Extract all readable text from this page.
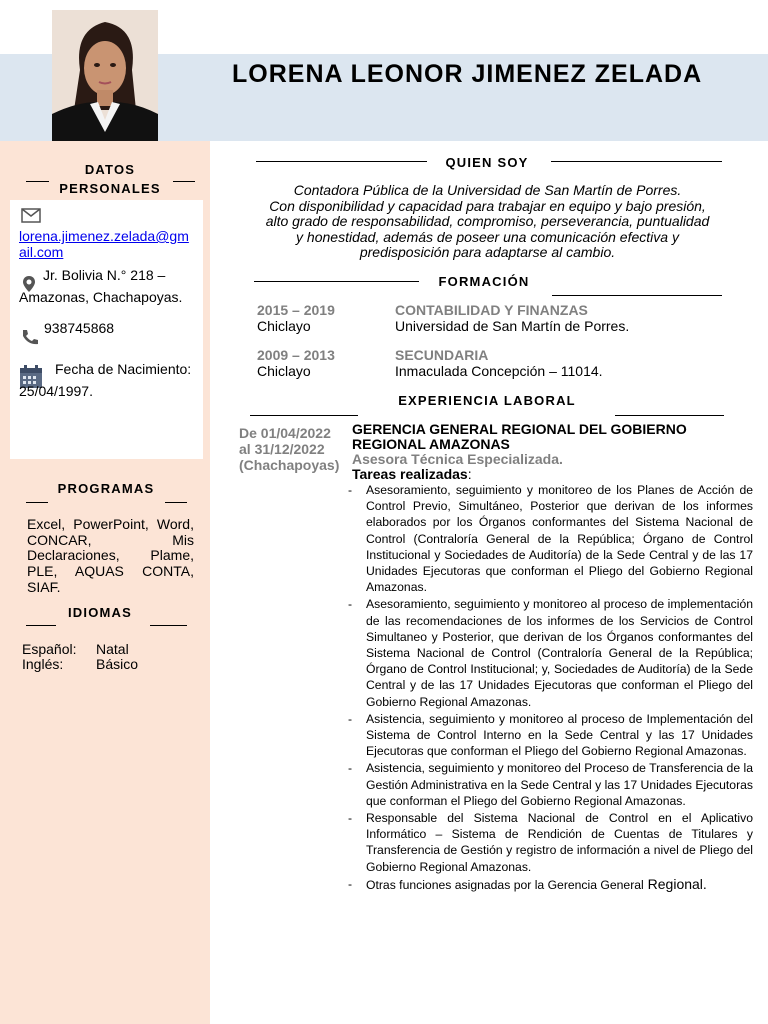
LORENA LEONOR JIMENEZ ZELADA
DATOS
PERSONALES
lorena.jimenez.zelada@gm
ail.com
Jr. Bolivia N.° 218 –
Amazonas, Chachapoyas.
938745868
Fecha de Nacimiento:
25/04/1997.
PROGRAMAS
Excel, PowerPoint, Word,
CONCAR, Mis
Declaraciones, Plame,
PLE, AQUAS CONTA,
SIAF.
IDIOMAS
Español: Natal
Inglés: Básico
QUIEN SOY
Contadora Pública de la Universidad de San Martín de Porres.
Con disponibilidad y capacidad para trabajar en equipo y bajo presión,
alto grado de responsabilidad, compromiso, perseverancia, puntualidad
y honestidad, además de poseer una comunicación efectiva y
predisposición para adaptarse al cambio.
FORMACIÓN
2015 – 2019
Chiclayo
CONTABILIDAD Y FINANZAS
Universidad de San Martín de Porres.
2009 – 2013
Chiclayo
SECUNDARIA
Inmaculada Concepción – 11014.
EXPERIENCIA LABORAL
De 01/04/2022
al 31/12/2022
(Chachapoyas)
GERENCIA GENERAL REGIONAL DEL GOBIERNO
REGIONAL AMAZONAS
Asesora Técnica Especializada.
Tareas realizadas:
- Asesoramiento, seguimiento y monitoreo de los Planes de Acción de Control Previo, Simultáneo, Posterior que derivan de los informes elaborados por los Órganos conformantes del Sistema Nacional de Control (Contraloría General de la República; Órgano de Control Institucional y Sociedades de Auditoría) de la Sede Central y de las 17 Unidades Ejecutoras que conforman el Pliego del Gobierno Regional Amazonas.
- Asesoramiento, seguimiento y monitoreo al proceso de implementación de las recomendaciones de los informes de los Servicios de Control Simultaneo y Posterior, que derivan de los Órganos conformantes del Sistema Nacional de Control (Contraloría General de la República; Órgano de Control Institucional; y, Sociedades de Auditoría) de la Sede Central y de las 17 Unidades Ejecutoras que conforman el Pliego del Gobierno Regional Amazonas.
- Asistencia, seguimiento y monitoreo al proceso de Implementación del Sistema de Control Interno en la Sede Central y las 17 Unidades Ejecutoras que conforman el Pliego del Gobierno Regional Amazonas.
- Asistencia, seguimiento y monitoreo del Proceso de Transferencia de la Gestión Administrativa en la Sede Central y las 17 Unidades Ejecutoras que conforman el Pliego del Gobierno Regional Amazonas.
- Responsable del Sistema Nacional de Control en el Aplicativo Informático – Sistema de Rendición de Cuentas de Titulares y Transferencia de Gestión y registro de información a nivel de Pliego del Gobierno Regional Amazonas.
- Otras funciones asignadas por la Gerencia General Regional.
